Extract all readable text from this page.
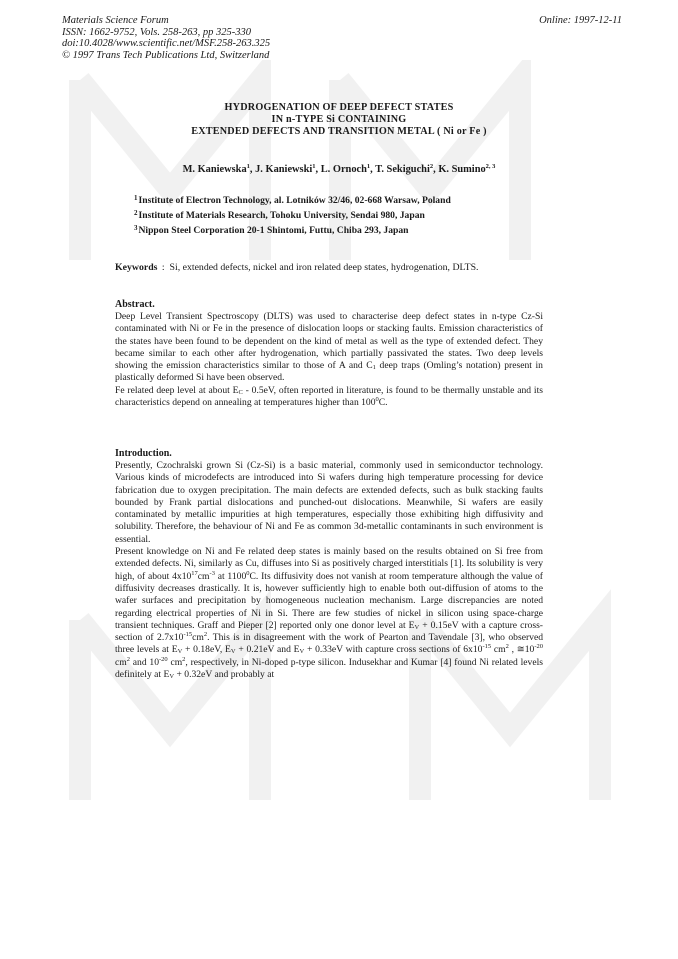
Materials Science Forum
ISSN: 1662-9752, Vols. 258-263, pp 325-330
doi:10.4028/www.scientific.net/MSF.258-263.325
© 1997 Trans Tech Publications Ltd, Switzerland
Online: 1997-12-11
HYDROGENATION OF DEEP DEFECT STATES
IN n-TYPE Si CONTAINING
EXTENDED DEFECTS AND TRANSITION METAL ( Ni or Fe )
M. Kaniewska$^1$, J. Kaniewski$^1$, L. Ornoch$^1$, T. Sekiguchi$^2$, K. Sumino$^{2, 3}$
$^1$Institute of Electron Technology, al. Lotników 32/46, 02-668 Warsaw, Poland
$^2$Institute of Materials Research, Tohoku University, Sendai 980, Japan
$^3$Nippon Steel Corporation 20-1 Shintomi, Futtu, Chiba 293, Japan
Keywords :  Si, extended defects, nickel and iron related deep states, hydrogenation, DLTS.
Abstract.

Deep Level Transient Spectroscopy (DLTS) was used to characterise deep defect states in n-type Cz-Si contaminated with Ni or Fe in the presence of dislocation loops or stacking faults. Emission characteristics of the states have been found to be dependent on the kind of metal as well as the type of extended defect. They became similar to each other after hydrogenation, which partially passivated the states. Two deep levels showing the emission characteristics similar to those of A and $C_1$ deep traps (Omling’s notation) present in plastically deformed Si have been observed.

Fe related deep level at about $E_C - 0.5eV$, often reported in literature, is found to be thermally unstable and its characteristics depend on annealing at temperatures higher than $100^0C$.

Introduction.

Presently, Czochralski grown Si (Cz-Si) is a basic material, commonly used in semiconductor technology. Various kinds of microdefects are introduced into Si wafers during high temperature processing for device fabrication due to oxygen precipitation. The main defects are extended defects, such as bulk stacking faults bounded by Frank partial dislocations and punched-out dislocations. Meanwhile, Si wafers are easily contaminated by metallic impurities at high temperatures, especially those exhibiting high diffusivity and solubility. Therefore, the behaviour of Ni and Fe as common 3d-metallic contaminants in such environment is essential.

Present knowledge on Ni and Fe related deep states is mainly based on the results obtained on Si free from extended defects. Ni, similarly as Cu, diffuses into Si as positively charged interstitials [1]. Its solubility is very high, of about $4x10^{17}cm^{-3}$ at 1100$^0$C. Its diffusivity does not vanish at room temperature although the value of diffusivity decreases drastically. It is, however sufficiently high to enable both out-diffusion of atoms to the wafer surfaces and precipitation by homogeneous nucleation mechanism. Large discrepancies are noted regarding electrical properties of Ni in Si. There are few studies of nickel in silicon using space-charge transient techniques. Graff and Pieper [2] reported only one donor level at $E_V + 0.15eV$ with a capture cross-section of $2.7x10^{-15}cm^2$. This is in disagreement with the work of Pearton and Tavendale [3], who observed three levels at $E_V + 0.18eV$, $E_V + 0.21eV$ and $E_V + 0.33eV$ with capture cross sections of $6x10^{-15}$ $cm^2$ , $≅10^{-20}$ $cm^2$ and $10^{-20}$ $cm^2$, respectively, in Ni-doped p-type silicon. Indusekhar and Kumar [4] found Ni related levels definitely at $E_V + 0.32eV$ and probably at
